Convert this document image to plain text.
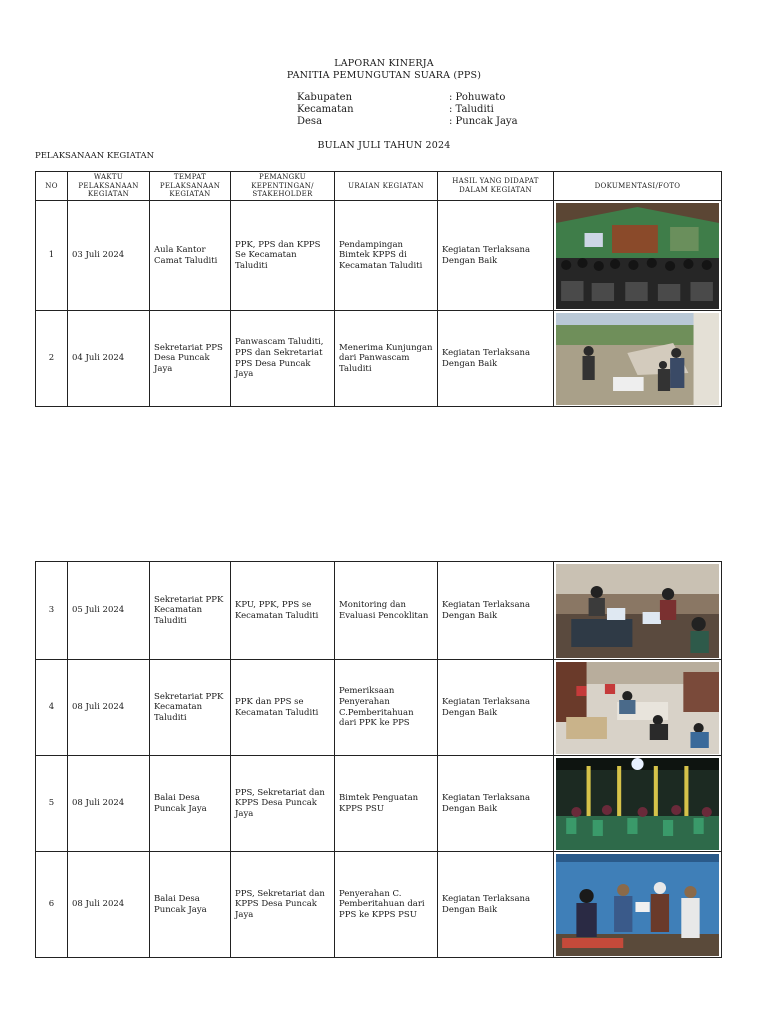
LAPORAN KINERJA
PANITIA PEMUNGUTAN SUARA (PPS)
Kabupaten	: Pohuwato
Kecamatan	: Taluditi
Desa	: Puncak Jaya
BULAN JULI TAHUN 2024
PELAKSANAAN KEGIATAN
NO	WAKTU PELAKSANAAN KEGIATAN	TEMPAT PELAKSANAAN KEGIATAN	PEMANGKU KEPENTINGAN/ STAKEHOLDER	URAIAN KEGIATAN	HASIL YANG DIDAPAT DALAM KEGIATAN	DOKUMENTASI/FOTO
1	03 Juli 2024	Aula Kantor Camat Taluditi	PPK, PPS dan KPPS Se Kecamatan Taluditi	Pendampingan Bimtek KPPS di Kecamatan Taluditi	Kegiatan Terlaksana Dengan Baik	

2	04 Juli 2024	Sekretariat PPS Desa Puncak Jaya	Panwascam Taluditi, PPS dan Sekretariat PPS Desa Puncak Jaya	Menerima Kunjungan dari Panwascam Taluditi	Kegiatan Terlaksana Dengan Baik	
3	05 Juli 2024	Sekretariat PPK Kecamatan Taluditi	KPU, PPK, PPS se Kecamatan Taluditi	Monitoring dan Evaluasi Pencoklitan	Kegiatan Terlaksana Dengan Baik	

4	08 Juli 2024	Sekretariat PPK Kecamatan Taluditi	PPK dan PPS se Kecamatan Taluditi	Pemeriksaan Penyerahan C.Pemberitahuan dari PPK ke PPS	Kegiatan Terlaksana Dengan Baik	

5	08 Juli 2024	Balai Desa Puncak Jaya	PPS, Sekretariat dan KPPS Desa Puncak Jaya	Bimtek Penguatan KPPS PSU	Kegiatan Terlaksana Dengan Baik	

6	08 Juli 2024	Balai Desa Puncak Jaya	PPS, Sekretariat dan KPPS Desa Puncak Jaya	Penyerahan C. Pemberitahuan dari PPS ke KPPS PSU	Kegiatan Terlaksana Dengan Baik	
